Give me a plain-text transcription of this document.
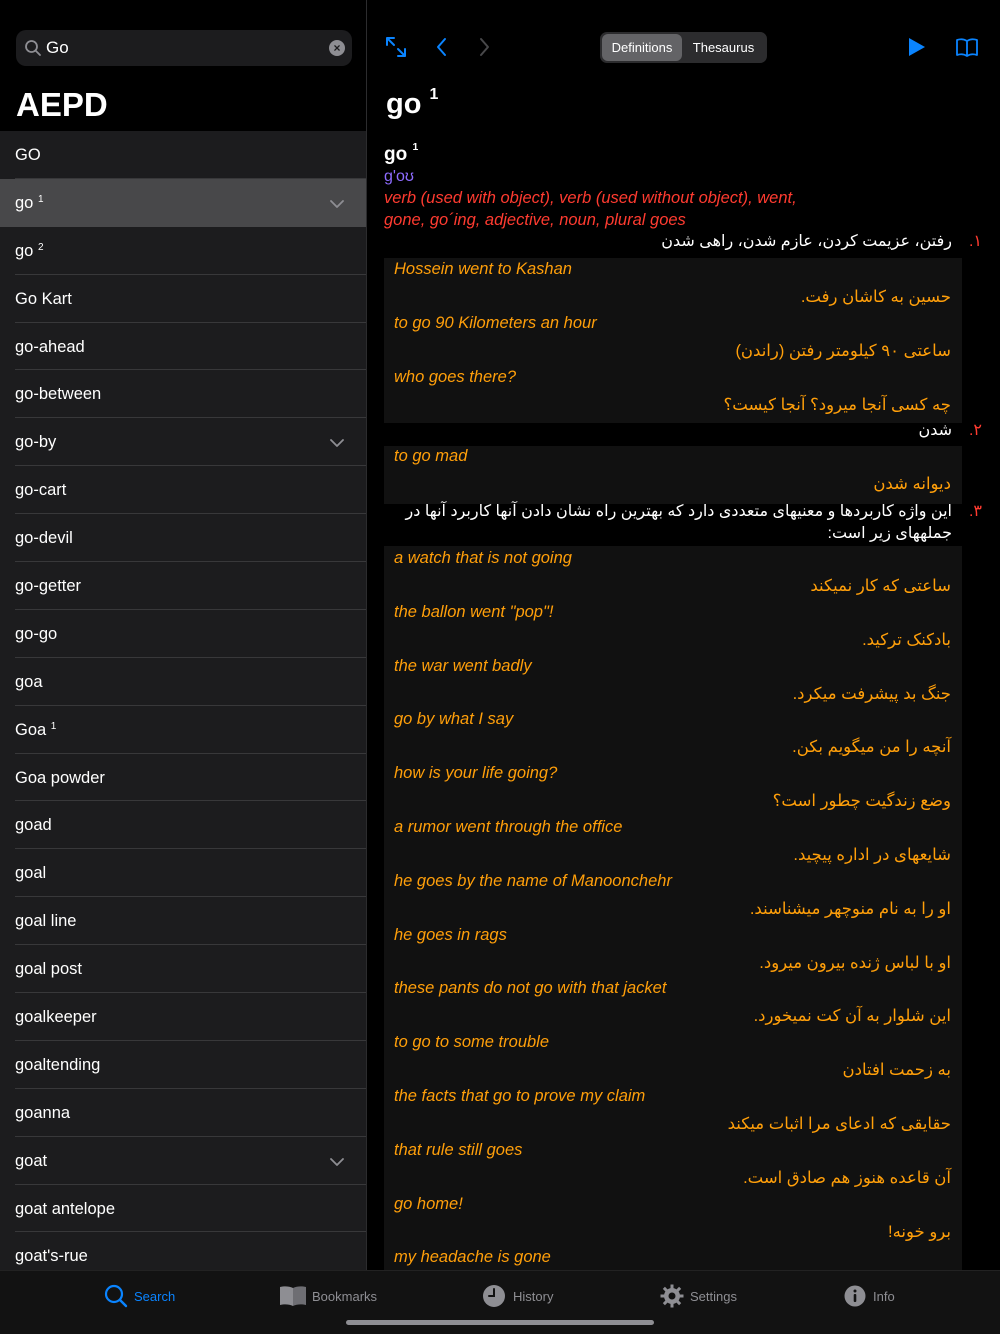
Go
×
AEPD
GO
go $^1$
go $^2$
Go Kart
go-ahead
go-between
go-by
go-cart
go-devil
go-getter
go-go
goa
Goa $^1$
Goa powder
goad
goal
goal line
goal post
goalkeeper
goaltending
goanna
goat
goat antelope
goat's-rue
Definitions	Thesaurus
go $^1$
go $^1$
g'oʊ
verb (used with object), verb (used without object), went, gone, go´ing, adjective, noun, plural goes
.۱
رفتن، عزیمت کردن، عازم شدن، راهی شدن
Hossein went to Kashan
حسین به کاشان رفت.
to go 90 Kilometers an hour
ساعتی ۹۰ کیلومتر رفتن (راندن)
who goes there?
چه کسی آنجا میرود؟ آنجا کیست؟
.۲
شدن
to go mad
دیوانه شدن
.۳
این واژه کاربردها و معنیهای متعددی دارد که بهترین راه نشان دادن آنها کاربرد آنها در جملههای زیر است:
a watch that is not going
ساعتی که کار نمیکند
the ballon went "pop"!
بادکنک ترکید.
the war went badly
جنگ بد پیشرفت میکرد.
go by what I say
آنچه را من میگویم بکن.
how is your life going?
وضع زندگیت چطور است؟
a rumor went through the office
شایعهای در اداره پیچید.
he goes by the name of Manoonchehr
او را به نام منوچهر میشناسند.
he goes in rags
او با لباس ژنده بیرون میرود.
these pants do not go with that jacket
این شلوار به آن کت نمیخورد.
to go to some trouble
به زحمت افتادن
the facts that go to prove my claim
حقایقی که ادعای مرا اثبات میکند
that rule still goes
آن قاعده هنوز هم صادق است.
go home!
برو خونه!
my headache is gone
Search	Bookmarks	History	Settings	Info
